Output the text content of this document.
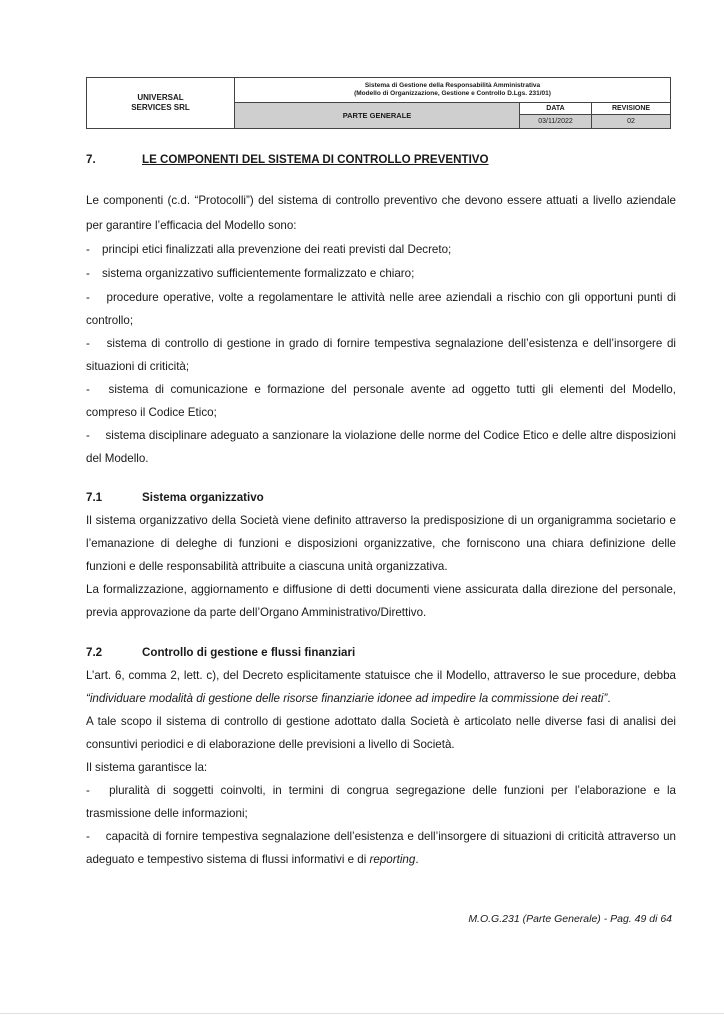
UNIVERSAL
SERVICES SRL
Sistema di Gestione della Responsabilità Amministrativa
(Modello di Organizzazione, Gestione e Controllo D.Lgs. 231/01)
PARTE GENERALE
DATA
03/11/2022
REVISIONE
02
7.	LE COMPONENTI DEL SISTEMA DI CONTROLLO PREVENTIVO
Le componenti (c.d. “Protocolli”) del sistema di controllo preventivo che devono essere attuati a livello aziendale
per garantire l’efficacia del Modello sono:
- principi etici finalizzati alla prevenzione dei reati previsti dal Decreto;
- sistema organizzativo sufficientemente formalizzato e chiaro;
- procedure operative, volte a regolamentare le attività nelle aree aziendali a rischio con gli opportuni punti di
controllo;
- sistema di controllo di gestione in grado di fornire tempestiva segnalazione dell’esistenza e dell’insorgere di
situazioni di criticità;
- sistema di comunicazione e formazione del personale avente ad oggetto tutti gli elementi del Modello,
compreso il Codice Etico;
- sistema disciplinare adeguato a sanzionare la violazione delle norme del Codice Etico e delle altre disposizioni
del Modello.
7.1	Sistema organizzativo
Il sistema organizzativo della Società viene definito attraverso la predisposizione di un organigramma societario e
l’emanazione di deleghe di funzioni e disposizioni organizzative, che forniscono una chiara definizione delle
funzioni e delle responsabilità attribuite a ciascuna unità organizzativa.
La formalizzazione, aggiornamento e diffusione di detti documenti viene assicurata dalla direzione del personale,
previa approvazione da parte dell’Organo Amministrativo/Direttivo.
7.2	Controllo di gestione e flussi finanziari
L’art. 6, comma 2, lett. c), del Decreto esplicitamente statuisce che il Modello, attraverso le sue procedure, debba
“individuare modalità di gestione delle risorse finanziarie idonee ad impedire la commissione dei reati”.
A tale scopo il sistema di controllo di gestione adottato dalla Società è articolato nelle diverse fasi di analisi dei
consuntivi periodici e di elaborazione delle previsioni a livello di Società.
Il sistema garantisce la:
- pluralità di soggetti coinvolti, in termini di congrua segregazione delle funzioni per l’elaborazione e la
trasmissione delle informazioni;
- capacità di fornire tempestiva segnalazione dell’esistenza e dell’insorgere di situazioni di criticità attraverso un
adeguato e tempestivo sistema di flussi informativi e di reporting.
M.O.G.231 (Parte Generale) - Pag. 49 di 64
